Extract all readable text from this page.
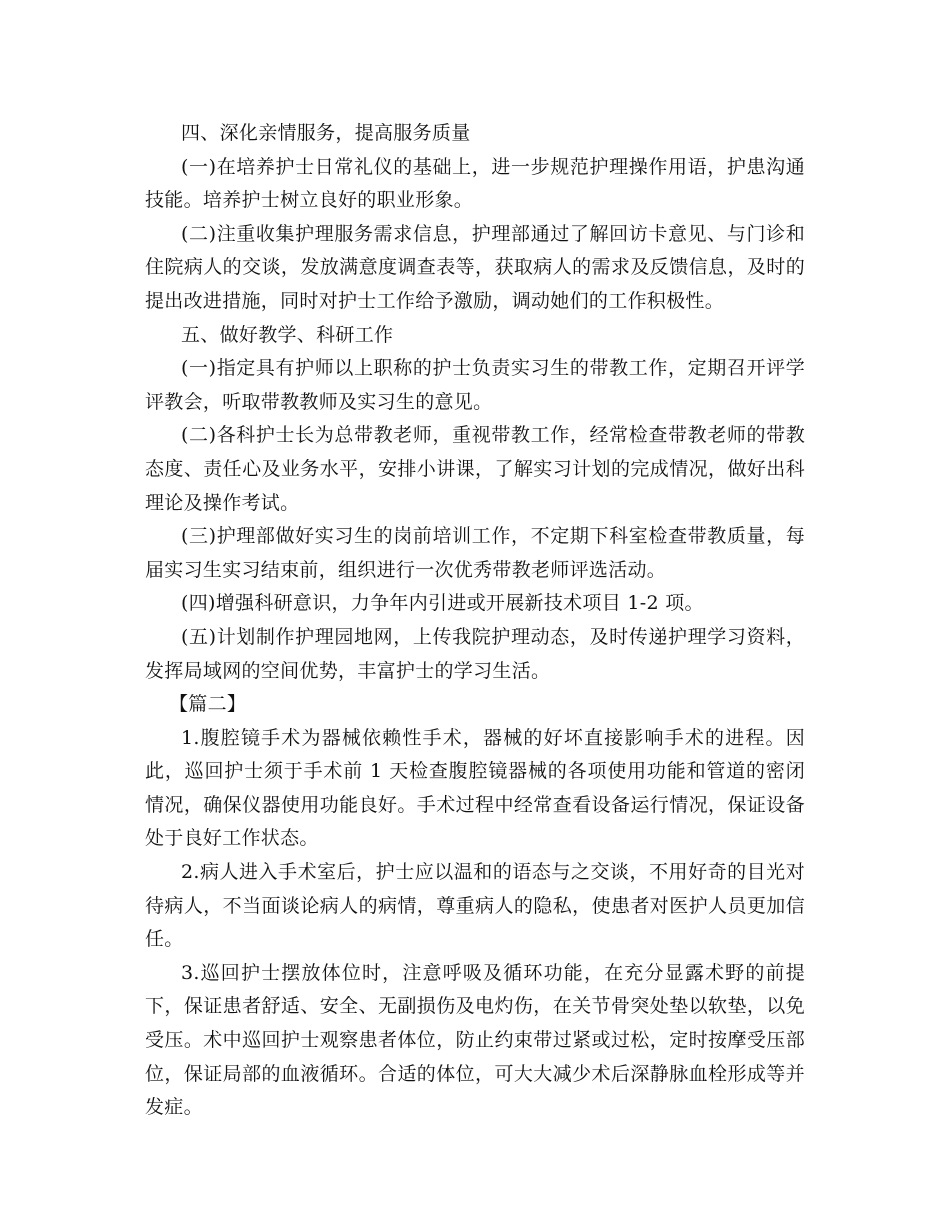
四、深化亲情服务，提高服务质量

(一)在培养护士日常礼仪的基础上，进一步规范护理操作用语，护患沟通技能。培养护士树立良好的职业形象。

(二)注重收集护理服务需求信息，护理部通过了解回访卡意见、与门诊和住院病人的交谈，发放满意度调查表等，获取病人的需求及反馈信息，及时的提出改进措施，同时对护士工作给予激励，调动她们的工作积极性。

五、做好教学、科研工作

(一)指定具有护师以上职称的护士负责实习生的带教工作，定期召开评学评教会，听取带教教师及实习生的意见。

(二)各科护士长为总带教老师，重视带教工作，经常检查带教老师的带教态度、责任心及业务水平，安排小讲课，了解实习计划的完成情况，做好出科理论及操作考试。

(三)护理部做好实习生的岗前培训工作，不定期下科室检查带教质量，每届实习生实习结束前，组织进行一次优秀带教老师评选活动。

(四)增强科研意识，力争年内引进或开展新技术项目 1-2 项。

(五)计划制作护理园地网，上传我院护理动态，及时传递护理学习资料，发挥局域网的空间优势，丰富护士的学习生活。

【篇二】

1.腹腔镜手术为器械依赖性手术，器械的好坏直接影响手术的进程。因此，巡回护士须于手术前 1 天检查腹腔镜器械的各项使用功能和管道的密闭情况，确保仪器使用功能良好。手术过程中经常查看设备运行情况，保证设备处于良好工作状态。

2.病人进入手术室后，护士应以温和的语态与之交谈，不用好奇的目光对待病人，不当面谈论病人的病情，尊重病人的隐私，使患者对医护人员更加信任。

3.巡回护士摆放体位时，注意呼吸及循环功能，在充分显露术野的前提下，保证患者舒适、安全、无副损伤及电灼伤，在关节骨突处垫以软垫，以免受压。术中巡回护士观察患者体位，防止约束带过紧或过松，定时按摩受压部位，保证局部的血液循环。合适的体位，可大大减少术后深静脉血栓形成等并发症。
